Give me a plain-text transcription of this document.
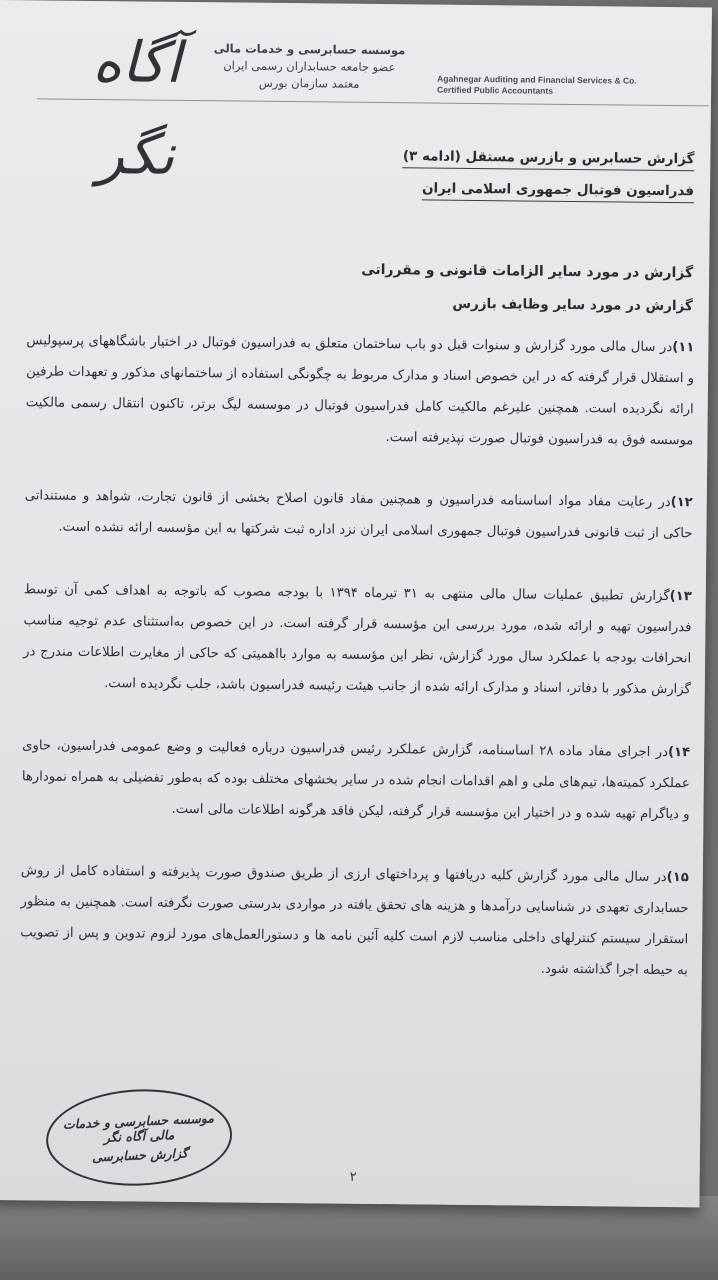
آگاه نگر
موسسه حسابرسی و خدمات مالی
عضو جامعه حسابداران رسمی ایران
معتمد سازمان بورس	Agahnegar Auditing and Financial Services & Co.
Certified Public Accountants
گزارش حسابرس و بازرس مستقل (ادامه ۳)
فدراسیون فوتبال جمهوری اسلامی ایران
گزارش در مورد سایر الزامات قانونی و مقرراتی
گزارش در مورد سایر وظایف بازرس
۱۱)در سال مالی مورد گزارش و سنوات قبل دو باب ساختمان متعلق به فدراسیون فوتبال در اختیار باشگاههای پرسپولیس و استقلال قرار گرفته که در این خصوص اسناد و مدارک مربوط به چگونگی استفاده از ساختمانهای مذکور و تعهدات طرفین ارائه نگردیده است. همچنین علیرغم مالکیت کامل فدراسیون فوتبال در موسسه لیگ برتر، تاکنون انتقال رسمی مالکیت موسسه فوق به فدراسیون فوتبال صورت نپذیرفته است.
۱۲)در رعایت مفاد مواد اساسنامه فدراسیون و همچنین مفاد قانون اصلاح بخشی از قانون تجارت، شواهد و مستنداتی حاکی از ثبت قانونی فدراسیون فوتبال جمهوری اسلامی ایران نزد اداره ثبت شرکتها به این مؤسسه ارائه نشده است.
۱۳)گزارش تطبیق عملیات سال مالی منتهی به ۳۱ تیرماه ۱۳۹۴ با بودجه مصوب که باتوجه به اهداف کمی آن توسط فدراسیون تهیه و ارائه شده، مورد بررسی این مؤسسه قرار گرفته است. در این خصوص به‌استثنای عدم توجیه مناسب انحرافات بودجه با عملکرد سال مورد گزارش، نظر این مؤسسه به موارد بااهمیتی که حاکی از مغایرت اطلاعات مندرج در گزارش مذکور با دفاتر، اسناد و مدارک ارائه شده از جانب هیئت رئیسه فدراسیون باشد، جلب نگردیده است.
۱۴)در اجرای مفاد ماده ۲۸ اساسنامه، گزارش عملکرد رئیس فدراسیون درباره فعالیت و وضع عمومی فدراسیون، حاوی عملکرد کمیته‌ها، تیم‌های ملی و اهم اقدامات انجام شده در سایر بخشهای مختلف بوده که به‌طور تفضیلی به همراه نمودارها و دیاگرام تهیه شده و در اختیار این مؤسسه قرار گرفته، لیکن فاقد هرگونه اطلاعات مالی است.
۱۵)در سال مالی مورد گزارش کلیه دریافتها و پرداختهای ارزی از طریق صندوق صورت پذیرفته و استفاده کامل از روش حسابداری تعهدی در شناسایی درآمدها و هزینه های تحقق یافته در مواردی بدرستی صورت نگرفته است. همچنین به منظور استقرار سیستم کنترلهای داخلی مناسب لازم است کلیه آئین نامه ها و دستورالعمل‌های مورد لزوم تدوین و پس از تصویب به حیطه اجرا گذاشته شود.
موسسه حسابرسی و خدمات مالی آگاه نگر
گزارش حسابرسی
۲
